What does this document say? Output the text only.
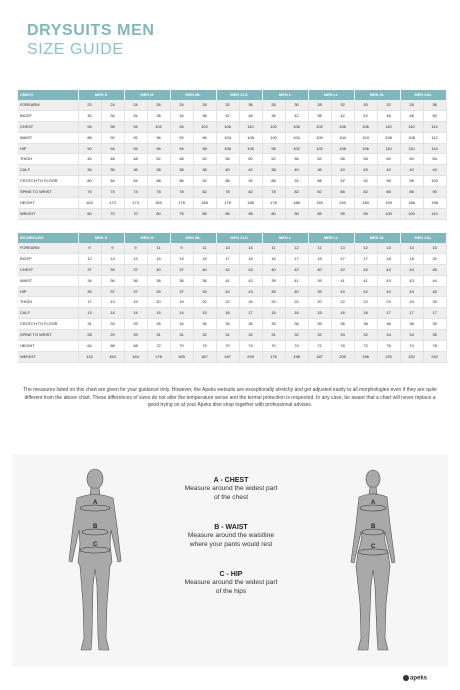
DRYSUITS MEN
SIZE GUIDE
CM/KG	MEN S		MEN M		MEN ML		MEN XLS		MEN L		MEN LL		MEN XL		MEN XXL	
FOREARM	23	24	24	26	24	28	32	36	28	30	28	32	30	32	28	36
BICEP	30	34	34	38	34	38	42	46	38	42	38	42	42	46	46	50
CHEST	94	98	94	102	94	102	106	110	102	106	102	106	106	110	110	114
WAIST	86	92	92	96	92	96	104	108	100	104	100	104	104	108	108	112
HIP	90	94	94	96	94	98	106	106	98	102	102	106	106	110	110	114
THIGH	44	48	48	52	48	52	56	60	52	56	52	56	56	60	60	64
CALF	34	36	36	38	36	38	40	42	38	40	36	40	40	42	42	44
CROTCH TO FLOOR	80	84	84	88	86	92	86	92	88	92	88	92	92	96	96	100
SPINE TO WRIST	76	74	74	78	78	82	78	82	78	82	82	86	82	86	86	90
HEIGHT	163	173	173	183	178	188	178	188	178	188	183	193	183	193	188	198
WEIGHT	60	70	70	80	75	85	85	95	80	90	85	95	90	100	100	110
INCHES/LBS	MEN S		MEN M		MEN ML		MEN XLS		MEN L		MEN LL		MEN XL		MEN XXL	
FOREARM	9	9	9	11	9	11	13	14	11	12	11	13	12	13	14	15
BICEP	12	13	13	15	13	15	17	18	15	17	15	17	17	18	18	20
CHEST	37	39	37	40	37	40	42	43	40	42	40	42	42	43	43	45
WAIST	34	36	36	38	36	38	41	43	39	41	39	41	41	43	43	44
HIP	35	37	37	39	37	39	42	43	39	40	39	40	42	43	43	45
THIGH	17	19	19	20	19	20	22	24	20	22	20	22	22	24	24	25
CALF	13	14	14	15	14	15	16	17	15	16	15	16	16	17	17	17
CROTCH TO FLOOR	31	33	33	35	34	36	35	36	35	36	35	36	36	38	38	39
SPINE TO WRIST	28	29	29	31	31	32	31	32	31	32	32	34	32	34	34	35
HEIGHT	64	68	68	72	70	74	70	74	70	74	72	76	72	76	74	78
WEIGHT	132	154	154	176	165	187	187	209	176	198	187	209	198	220	220	242
The measures listed on this chart are given for your guidance only. However, the Apeks wetsuits are exceptionally stretchy and get adjusted easily to all morphologies even if they are quite different from the above chart. These differences of sizes do not alter the temperature sense and the termal protection is respected. In any case, be aware that a chart will never replace a good trying on at your Apeks dive shop together with professional advises.
A
B
C
A
B
C
A - CHEST
Measure around the widest part
of the chest
B - WAIST
Measure around the waistline
where your pants would rest
C - HIP
Measure around the widest part
of the hips
apeks
